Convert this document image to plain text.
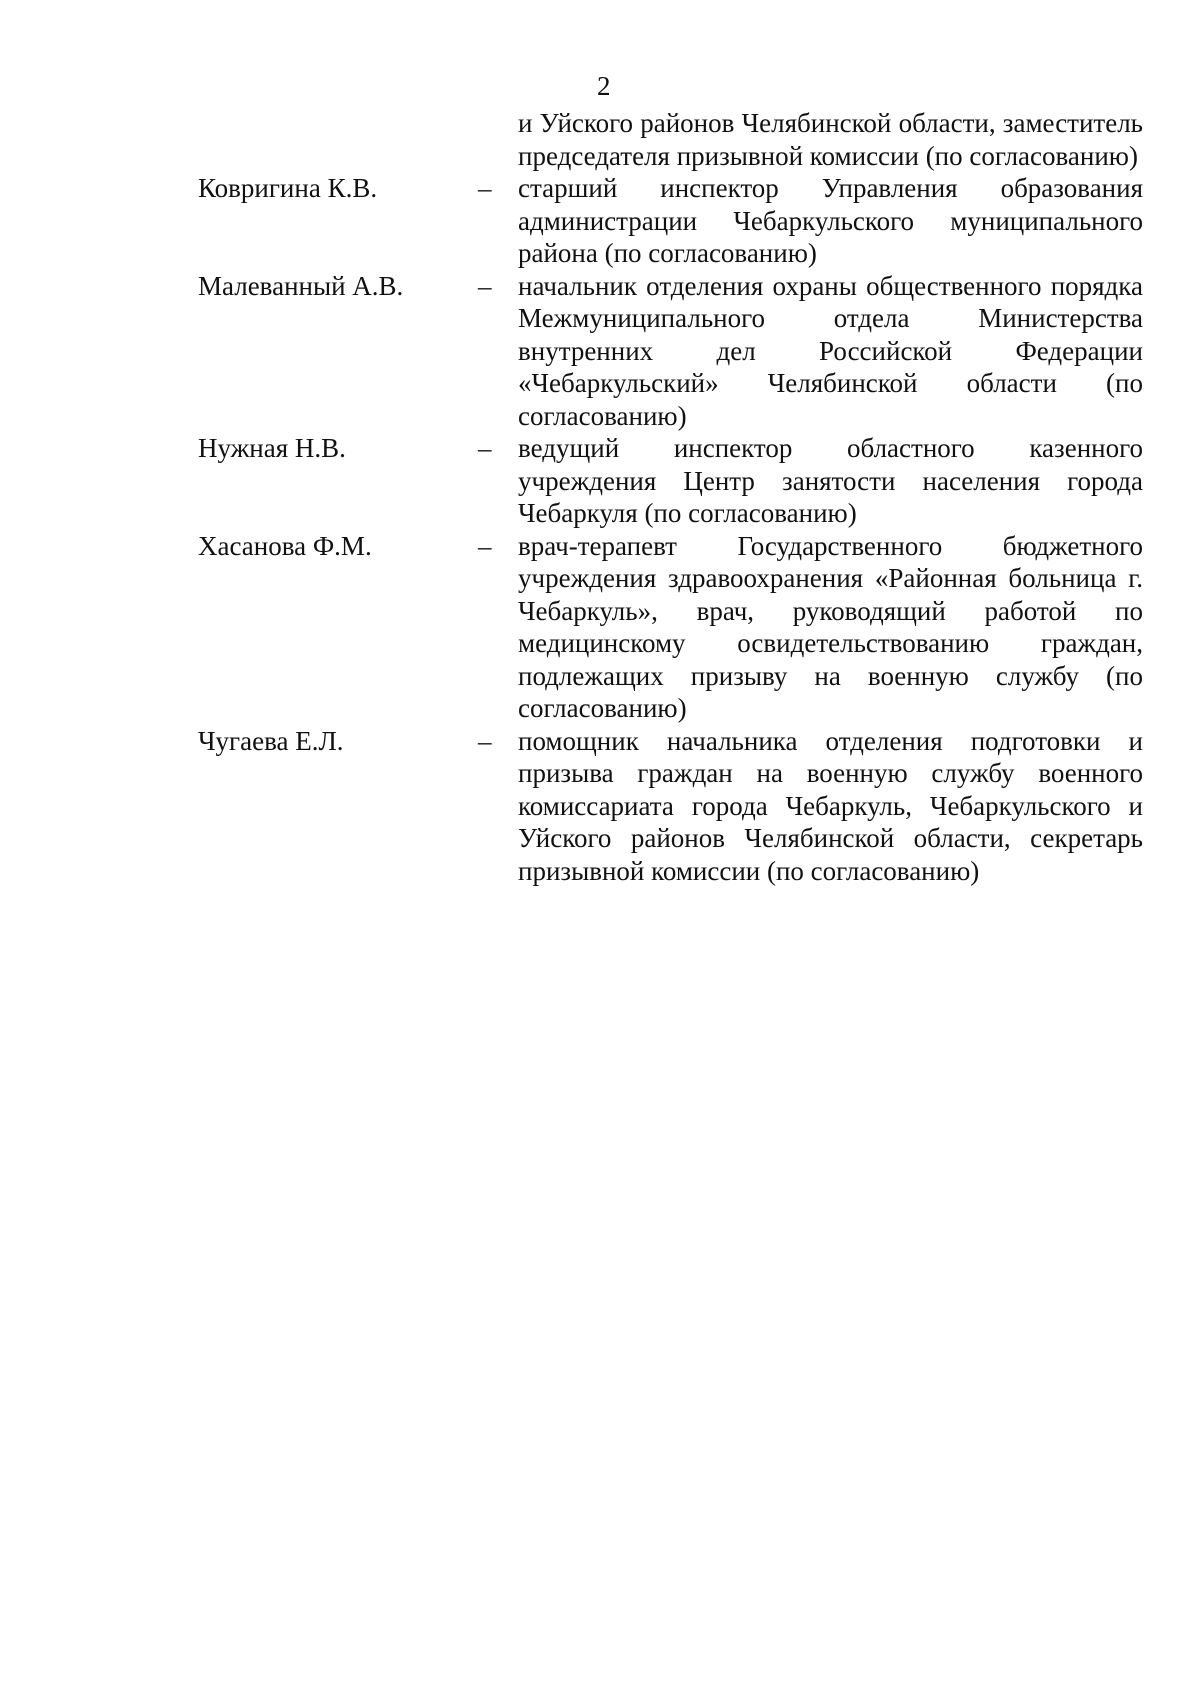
2
и Уйского районов Челябинской области, заместитель председателя призывной комиссии (по согласованию)
Ковригина К.В.	– старший инспектор Управления образования администрации Чебаркульского муниципального района (по согласованию)
Малеванный А.В.	– начальник отделения охраны общественного порядка Межмуниципального отдела Министерства внутренних дел Российской Федерации «Чебаркульский» Челябинской области (по согласованию)
Нужная Н.В.	– ведущий инспектор областного казенного учреждения Центр занятости населения города Чебаркуля (по согласованию)
Хасанова Ф.М.	– врач-терапевт Государственного бюджетного учреждения здравоохранения «Районная больница г. Чебаркуль», врач, руководящий работой по медицинскому освидетельствованию граждан, подлежащих призыву на военную службу (по согласованию)
Чугаева Е.Л.	– помощник начальника отделения подготовки и призыва граждан на военную службу военного комиссариата города Чебаркуль, Чебаркульского и Уйского районов Челябинской области, секретарь призывной комиссии (по согласованию)
